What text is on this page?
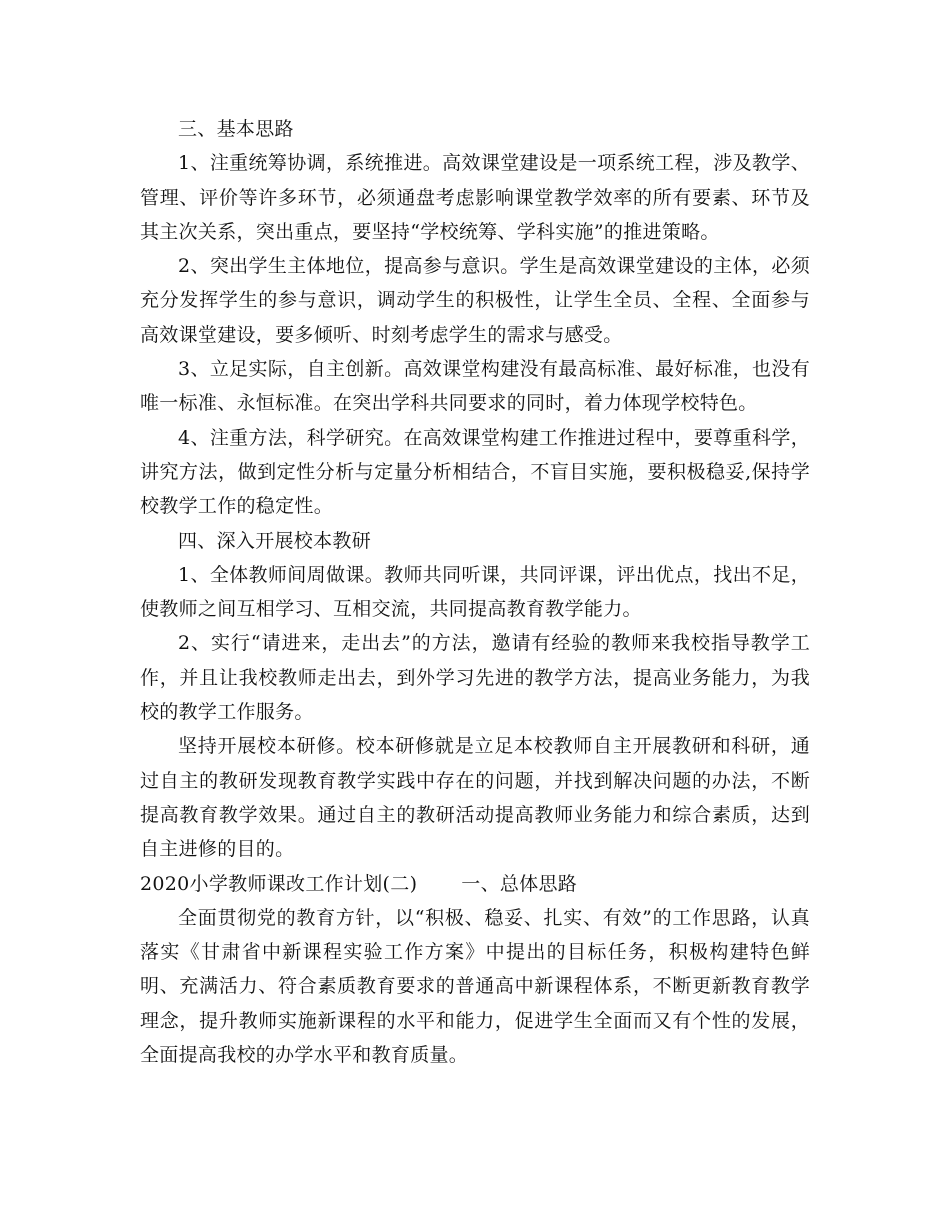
三、基本思路

1、注重统筹协调，系统推进。高效课堂建设是一项系统工程，涉及教学、管理、评价等许多环节，必须通盘考虑影响课堂教学效率的所有要素、环节及其主次关系，突出重点，要坚持“学校统筹、学科实施”的推进策略。

2、突出学生主体地位，提高参与意识。学生是高效课堂建设的主体，必须充分发挥学生的参与意识，调动学生的积极性，让学生全员、全程、全面参与高效课堂建设，要多倾听、时刻考虑学生的需求与感受。

3、立足实际，自主创新。高效课堂构建没有最高标准、最好标准，也没有唯一标准、永恒标准。在突出学科共同要求的同时，着力体现学校特色。

4、注重方法，科学研究。在高效课堂构建工作推进过程中，要尊重科学，讲究方法，做到定性分析与定量分析相结合，不盲目实施，要积极稳妥,保持学校教学工作的稳定性。

四、深入开展校本教研

1、全体教师间周做课。教师共同听课，共同评课，评出优点，找出不足，使教师之间互相学习、互相交流，共同提高教育教学能力。

2、实行“请进来，走出去”的方法，邀请有经验的教师来我校指导教学工作，并且让我校教师走出去，到外学习先进的教学方法，提高业务能力，为我校的教学工作服务。

坚持开展校本研修。校本研修就是立足本校教师自主开展教研和科研，通过自主的教研发现教育教学实践中存在的问题，并找到解决问题的办法，不断提高教育教学效果。通过自主的教研活动提高教师业务能力和综合素质，达到自主进修的目的。

2020小学教师课改工作计划(二) 一、总体思路

全面贯彻党的教育方针，以“积极、稳妥、扎实、有效”的工作思路，认真落实《甘肃省中新课程实验工作方案》中提出的目标任务，积极构建特色鲜明、充满活力、符合素质教育要求的普通高中新课程体系，不断更新教育教学理念，提升教师实施新课程的水平和能力，促进学生全面而又有个性的发展，全面提高我校的办学水平和教育质量。
